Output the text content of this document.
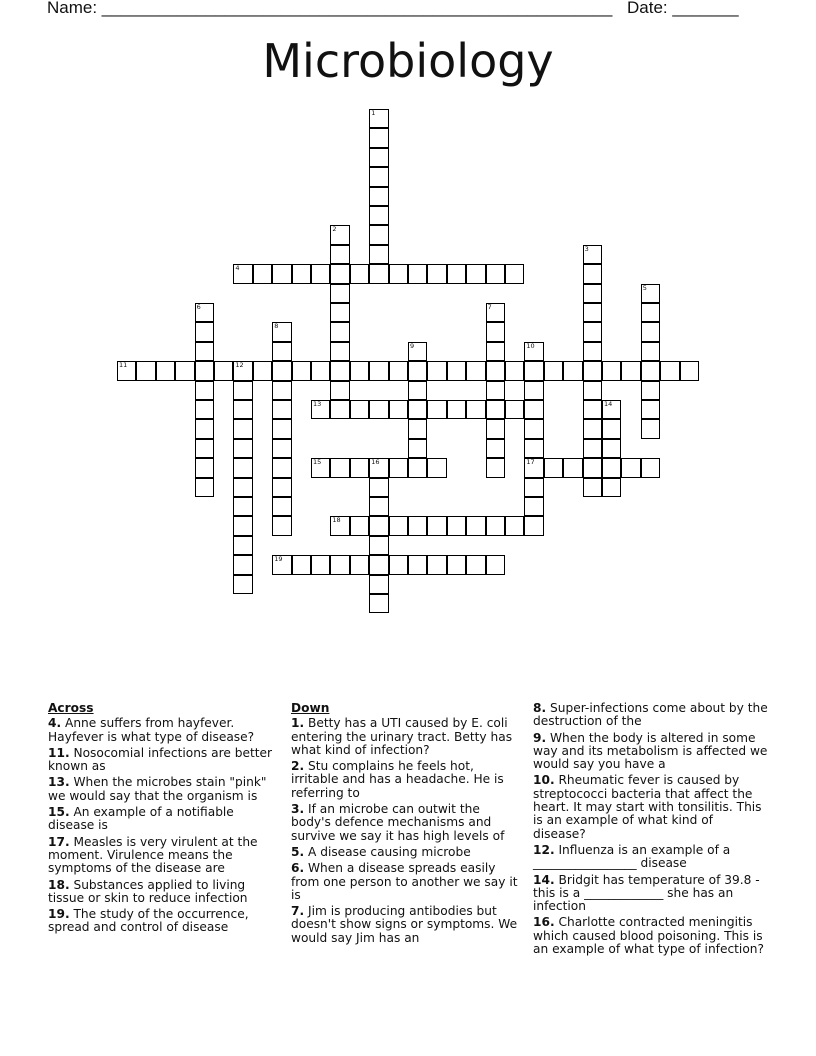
Name: ______________________________________________________ Date: _______
Microbiology
1
2
3
4
5
6	7
8
9	10
17
11	12
13	14
15	16
18
19
Across
4. Anne suffers from hayfever. Hayfever is what type of disease?
11. Nosocomial infections are better known as
13. When the microbes stain "pink" we would say that the organism is
15. An example of a notifiable disease is
17. Measles is very virulent at the moment. Virulence means the symptoms of the disease are
18. Substances applied to living tissue or skin to reduce infection
19. The study of the occurrence, spread and control of disease
Down
1. Betty has a UTI caused by E. coli entering the urinary tract. Betty has what kind of infection?
2. Stu complains he feels hot, irritable and has a headache. He is referring to
3. If an microbe can outwit the body's defence mechanisms and survive we say it has high levels of
5. A disease causing microbe
6. When a disease spreads easily from one person to another we say it is
7. Jim is producing antibodies but doesn't show signs or symptoms. We would say Jim has an
8. Super-infections come about by the destruction of the
9. When the body is altered in some way and its metabolism is affected we would say you have a
10. Rheumatic fever is caused by streptococci bacteria that affect the heart. It may start with tonsilitis. This is an example of what kind of disease?
12. Influenza is an example of a _________________ disease
14. Bridgit has temperature of 39.8 - this is a _____________ she has an infection
16. Charlotte contracted meningitis which caused blood poisoning. This is an example of what type of infection?
